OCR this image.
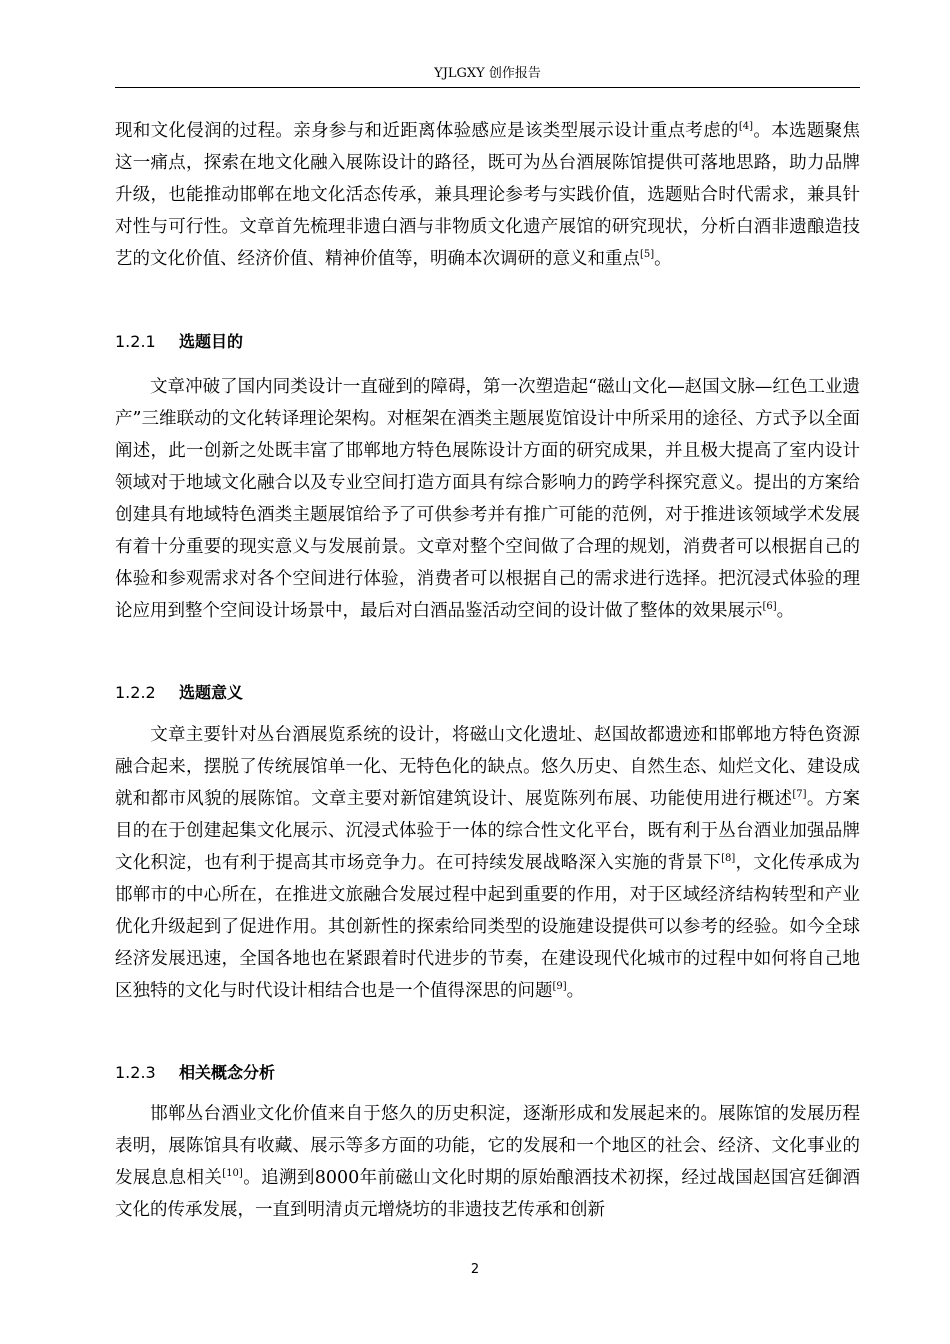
YJLGXY 创作报告

现和文化侵润的过程。亲身参与和近距离体验感应是该类型展示设计重点考虑的[4]。本选题聚焦这一痛点，探索在地文化融入展陈设计的路径，既可为丛台酒展陈馆提供可落地思路，助力品牌升级，也能推动邯郸在地文化活态传承，兼具理论参考与实践价值，选题贴合时代需求，兼具针对性与可行性。文章首先梳理非遗白酒与非物质文化遗产展馆的研究现状，分析白酒非遗酿造技艺的文化价值、经济价值、精神价值等，明确本次调研的意义和重点[5]。

1.2.1 选题目的

文章冲破了国内同类设计一直碰到的障碍，第一次塑造起“磁山文化—赵国文脉—红色工业遗产”三维联动的文化转译理论架构。对框架在酒类主题展览馆设计中所采用的途径、方式予以全面阐述，此一创新之处既丰富了邯郸地方特色展陈设计方面的研究成果，并且极大提高了室内设计领域对于地域文化融合以及专业空间打造方面具有综合影响力的跨学科探究意义。提出的方案给创建具有地域特色酒类主题展馆给予了可供参考并有推广可能的范例，对于推进该领域学术发展有着十分重要的现实意义与发展前景。文章对整个空间做了合理的规划，消费者可以根据自己的体验和参观需求对各个空间进行体验，消费者可以根据自己的需求进行选择。把沉浸式体验的理论应用到整个空间设计场景中，最后对白酒品鉴活动空间的设计做了整体的效果展示[6]。

1.2.2 选题意义

文章主要针对丛台酒展览系统的设计，将磁山文化遗址、赵国故都遗迹和邯郸地方特色资源融合起来，摆脱了传统展馆单一化、无特色化的缺点。悠久历史、自然生态、灿烂文化、建设成就和都市风貌的展陈馆。文章主要对新馆建筑设计、展览陈列布展、功能使用进行概述[7]。方案目的在于创建起集文化展示、沉浸式体验于一体的综合性文化平台，既有利于丛台酒业加强品牌文化积淀，也有利于提高其市场竞争力。在可持续发展战略深入实施的背景下[8]，文化传承成为邯郸市的中心所在，在推进文旅融合发展过程中起到重要的作用，对于区域经济结构转型和产业优化升级起到了促进作用。其创新性的探索给同类型的设施建设提供可以参考的经验。如今全球经济发展迅速，全国各地也在紧跟着时代进步的节奏，在建设现代化城市的过程中如何将自己地区独特的文化与时代设计相结合也是一个值得深思的问题[9]。

1.2.3 相关概念分析

邯郸丛台酒业文化价值来自于悠久的历史积淀，逐渐形成和发展起来的。展陈馆的发展历程表明，展陈馆具有收藏、展示等多方面的功能，它的发展和一个地区的社会、经济、文化事业的发展息息相关[10]。追溯到8000年前磁山文化时期的原始酿酒技术初探，经过战国赵国宫廷御酒文化的传承发展，一直到明清贞元增烧坊的非遗技艺传承和创新

2
